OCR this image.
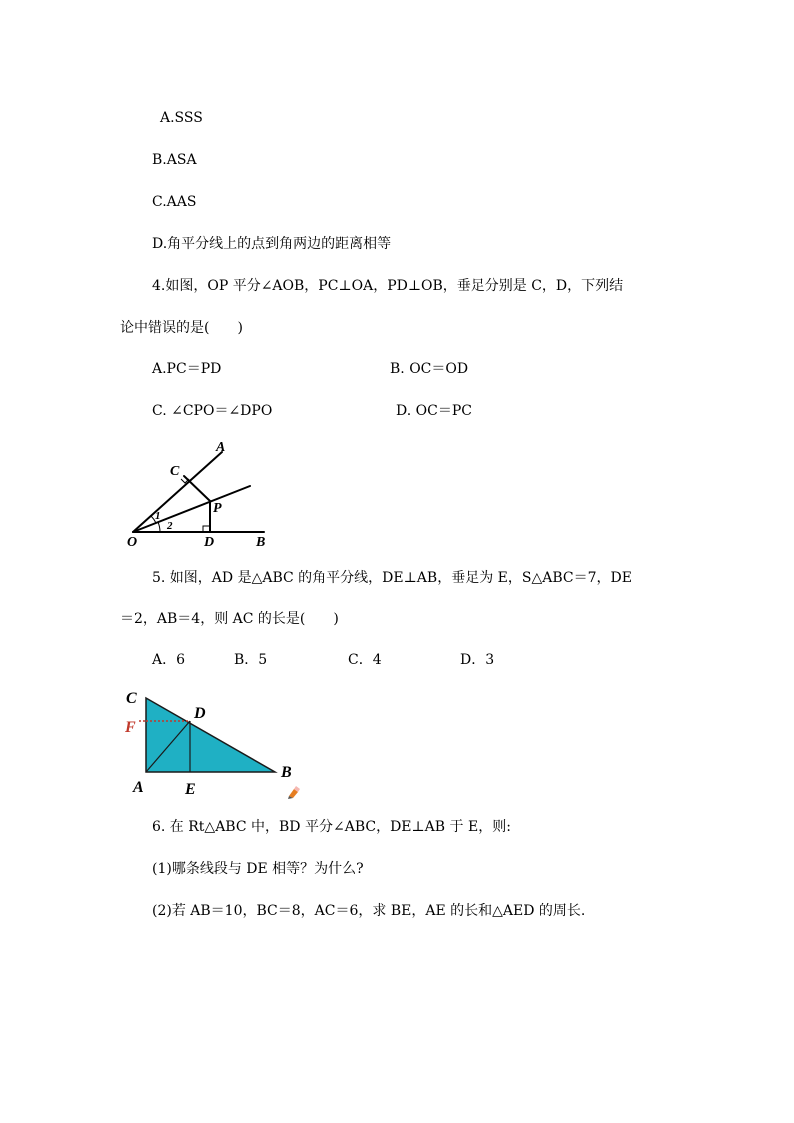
A.SSS
B.ASA
C.AAS
D.角平分线上的点到角两边的距离相等
4.如图，OP 平分∠AOB，PC⊥OA，PD⊥OB，垂足分别是 C，D，下列结
论中错误的是(　　)
A.PC＝PD	B. OC＝OD
C. ∠CPO＝∠DPO	D. OC＝PC
A
C
P
O	D	B
1
2
5. 如图，AD 是△ABC 的角平分线，DE⊥AB，垂足为 E，S△ABC＝7，DE
＝2，AB＝4，则 AC 的长是(　　)
A．6	B．5	C．4	D．3
C
D
F
A	E
B
6. 在 Rt△ABC 中，BD 平分∠ABC，DE⊥AB 于 E，则:
(1)哪条线段与 DE 相等？为什么?
(2)若 AB＝10，BC＝8，AC＝6，求 BE，AE 的长和△AED 的周长.
